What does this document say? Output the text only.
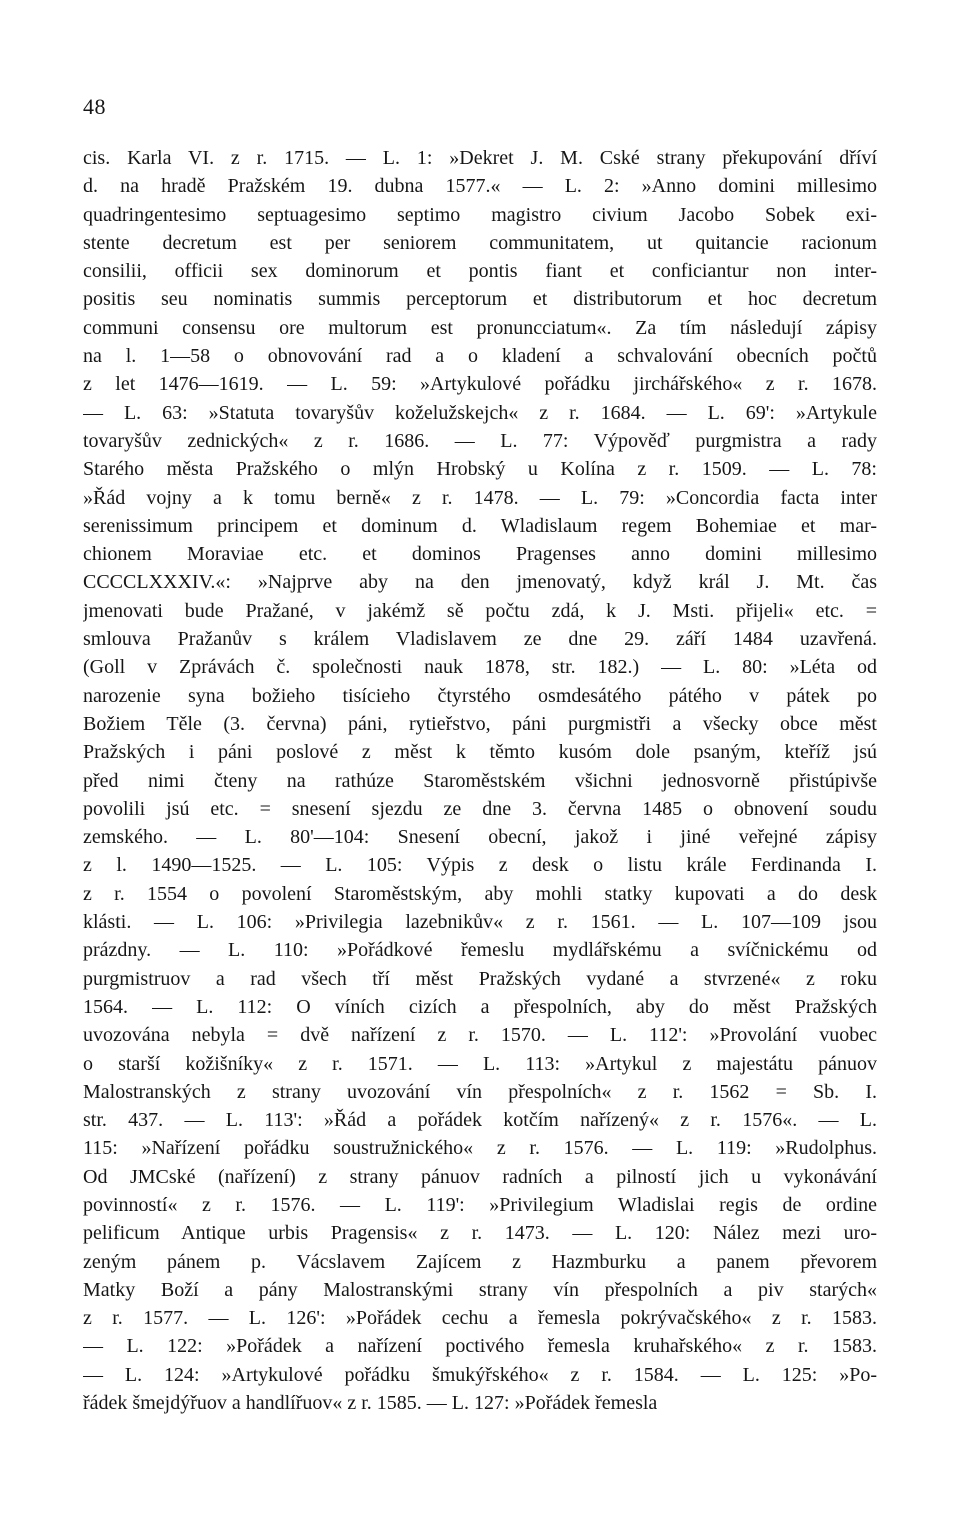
48
cis. Karla VI. z r. 1715. — L. 1: »Dekret J. M. Cské strany překupování dříví
d. na hradě Pražském 19. dubna 1577.« — L. 2: »Anno domini millesimo
quadringentesimo septuagesimo septimo magistro civium Jacobo Sobek exi-
stente decretum est per seniorem communitatem, ut quitancie racionum
consilii, officii sex dominorum et pontis fiant et conficiantur non inter-
positis seu nominatis summis perceptorum et distributorum et hoc decretum
communi consensu ore multorum est pronuncciatum«. Za tím následují zápisy
na l. 1—58 o obnovování rad a o kladení a schvalování obecních počtů
z let 1476—1619. — L. 59: »Artykulové pořádku jirchářského« z r. 1678.
— L. 63: »Statuta tovaryšův koželužskejch« z r. 1684. — L. 69': »Artykule
tovaryšův zednických« z r. 1686. — L. 77: Výpověď purgmistra a rady
Starého města Pražského o mlýn Hrobský u Kolína z r. 1509. — L. 78:
»Řád vojny a k tomu berně« z r. 1478. — L. 79: »Concordia facta inter
serenissimum principem et dominum d. Wladislaum regem Bohemiae et mar-
chionem Moraviae etc. et dominos Pragenses anno domini millesimo
CCCCLXXXIV.«: »Najprve aby na den jmenovatý, když král J. Mt. čas
jmenovati bude Pražané, v jakémž sě počtu zdá, k J. Msti. přijeli« etc. =
smlouva Pražanův s králem Vladislavem ze dne 29. září 1484 uzavřená.
(Goll v Zprávách č. společnosti nauk 1878, str. 182.) — L. 80: »Léta od
narozenie syna božieho tisícieho čtyrstého osmdesátého pátého v pátek po
Božiem Těle (3. června) páni, rytieřstvo, páni purgmistři a všecky obce měst
Pražských i páni poslové z měst k těmto kusóm dole psaným, kteříž jsú
před nimi čteny na rathúze Staroměstském všichni jednosvorně přistúpivše
povolili jsú etc. = snesení sjezdu ze dne 3. června 1485 o obnovení soudu
zemského. — L. 80'—104: Snesení obecní, jakož i jiné veřejné zápisy
z l. 1490—1525. — L. 105: Výpis z desk o listu krále Ferdinanda I.
z r. 1554 o povolení Staroměstským, aby mohli statky kupovati a do desk
klásti. — L. 106: »Privilegia lazebnikův« z r. 1561. — L. 107—109 jsou
prázdny. — L. 110: »Pořádkové řemeslu mydlářskému a svíčnickému od
purgmistruov a rad všech tří měst Pražských vydané a stvrzené« z roku
1564. — L. 112: O víních cizích a přespolních, aby do měst Pražských
uvozována nebyla = dvě nařízení z r. 1570. — L. 112': »Provolání vuobec
o starší kožišníky« z r. 1571. — L. 113: »Artykul z majestátu pánuov
Malostranských z strany uvozování vín přespolních« z r. 1562 = Sb. I.
str. 437. — L. 113': »Řád a pořádek kotčím nařízený« z r. 1576«. — L.
115: »Nařízení pořádku soustružnického« z r. 1576. — L. 119: »Rudolphus.
Od JMCské (nařízení) z strany pánuov radních a pilností jich u vykonávání
povinností« z r. 1576. — L. 119': »Privilegium Wladislai regis de ordine
pelificum Antique urbis Pragensis« z r. 1473. — L. 120: Nález mezi uro-
zeným pánem p. Vácslavem Zajícem z Hazmburku a panem převorem
Matky Boží a pány Malostranskými strany vín přespolních a piv starých«
z r. 1577. — L. 126': »Pořádek cechu a řemesla pokrývačského« z r. 1583.
— L. 122: »Pořádek a nařízení poctivého řemesla kruhařského« z r. 1583.
— L. 124: »Artykulové pořádku šmukýřského« z r. 1584. — L. 125: »Po-
řádek šmejdýřuov a handlířuov« z r. 1585. — L. 127: »Pořádek řemesla
